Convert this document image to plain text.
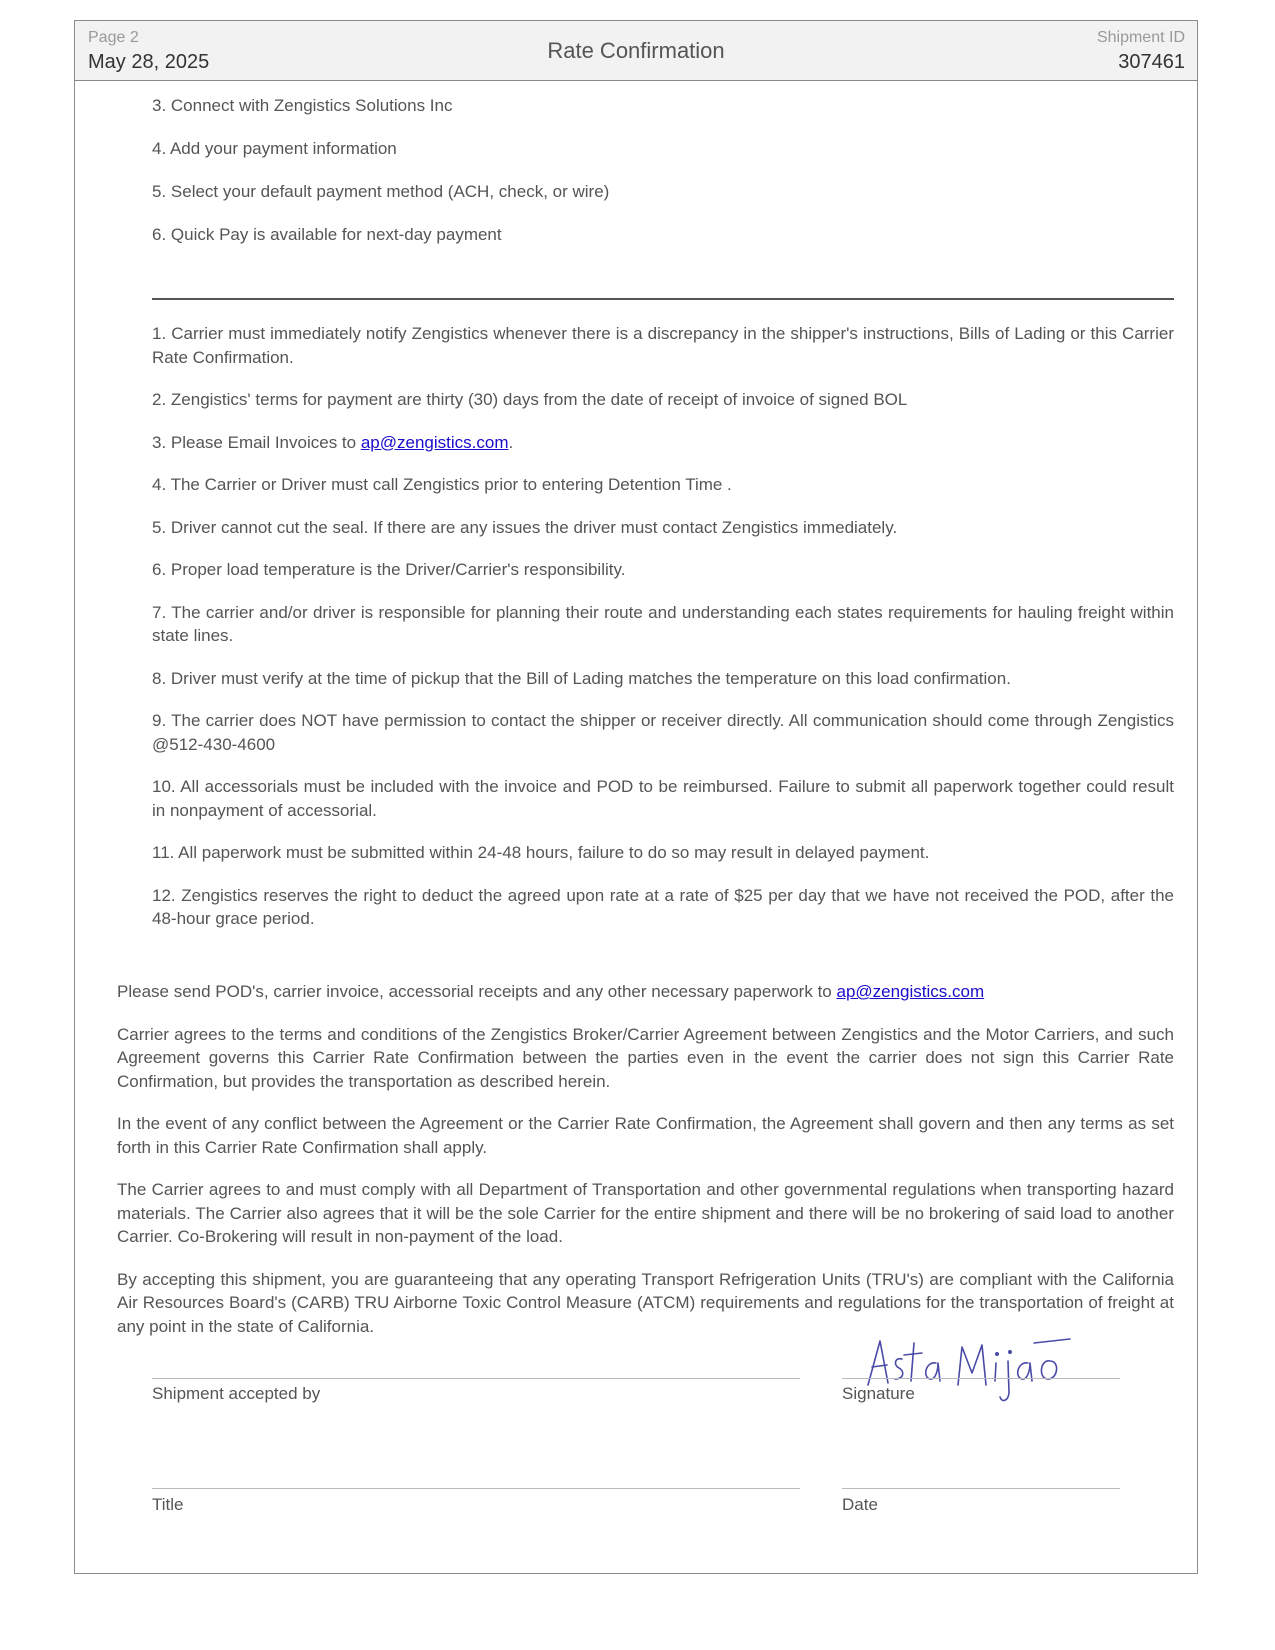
Page 2
May 28, 2025	Rate Confirmation
Shipment ID
307461

3. Connect with Zengistics Solutions Inc

4. Add your payment information

5. Select your default payment method (ACH, check, or wire)

6. Quick Pay is available for next-day payment

1. Carrier must immediately notify Zengistics whenever there is a discrepancy in the shipper's instructions, Bills of Lading or this Carrier Rate Confirmation.

2. Zengistics' terms for payment are thirty (30) days from the date of receipt of invoice of signed BOL

3. Please Email Invoices to ap@zengistics.com.

4. The Carrier or Driver must call Zengistics prior to entering Detention Time .

5. Driver cannot cut the seal. If there are any issues the driver must contact Zengistics immediately.

6. Proper load temperature is the Driver/Carrier's responsibility.

7. The carrier and/or driver is responsible for planning their route and understanding each states requirements for hauling freight within state lines.

8. Driver must verify at the time of pickup that the Bill of Lading matches the temperature on this load confirmation.

9. The carrier does NOT have permission to contact the shipper or receiver directly. All communication should come through Zengistics @512-430-4600

10. All accessorials must be included with the invoice and POD to be reimbursed. Failure to submit all paperwork together could result in nonpayment of accessorial.

11. All paperwork must be submitted within 24-48 hours, failure to do so may result in delayed payment.

12. Zengistics reserves the right to deduct the agreed upon rate at a rate of $25 per day that we have not received the POD, after the 48-hour grace period.

Please send POD's, carrier invoice, accessorial receipts and any other necessary paperwork to ap@zengistics.com

Carrier agrees to the terms and conditions of the Zengistics Broker/Carrier Agreement between Zengistics and the Motor Carriers, and such Agreement governs this Carrier Rate Confirmation between the parties even in the event the carrier does not sign this Carrier Rate Confirmation, but provides the transportation as described herein.

In the event of any conflict between the Agreement or the Carrier Rate Confirmation, the Agreement shall govern and then any terms as set forth in this Carrier Rate Confirmation shall apply.

The Carrier agrees to and must comply with all Department of Transportation and other governmental regulations when transporting hazard materials. The Carrier also agrees that it will be the sole Carrier for the entire shipment and there will be no brokering of said load to another Carrier. Co-Brokering will result in non-payment of the load.

By accepting this shipment, you are guaranteeing that any operating Transport Refrigeration Units (TRU's) are compliant with the California Air Resources Board's (CARB) TRU Airborne Toxic Control Measure (ATCM) requirements and regulations for the transportation of freight at any point in the state of California.

Shipment accepted by	Signature
Title	Date
